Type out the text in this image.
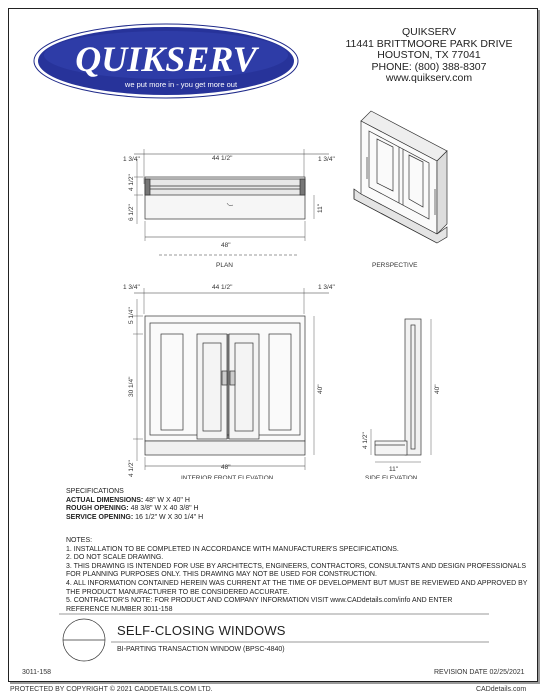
QUIKSERV
we put more in - you get more out
QUIKSERV
11441 BRITTMOORE PARK DRIVE
HOUSTON, TX 77041
PHONE: (800) 388-8307
www.quikserv.com
1 3/4"	44 1/2"	1 3/4"
4 1/2"
6 1/2"	11"
48"
PLAN	PERSPECTIVE
1 3/4"	44 1/2"	1 3/4"
5 1/4"
30 1/4"
4 1/2"
40"
48"
INTERIOR FRONT ELEVATION
40"
4 1/2"
11"
SIDE ELEVATION
SPECIFICATIONS
ACTUAL DIMENSIONS: 48" W X 40" H
ROUGH OPENING: 48 3/8" W X 40 3/8" H
SERVICE OPENING: 16 1/2" W X 30 1/4" H
NOTES:
1. INSTALLATION TO BE COMPLETED IN ACCORDANCE WITH MANUFACTURER'S SPECIFICATIONS.
2. DO NOT SCALE DRAWING.
3. THIS DRAWING IS INTENDED FOR USE BY ARCHITECTS, ENGINEERS, CONTRACTORS, CONSULTANTS AND DESIGN PROFESSIONALS
FOR PLANNING PURPOSES ONLY. THIS DRAWING MAY NOT BE USED FOR CONSTRUCTION.
4. ALL INFORMATION CONTAINED HEREIN WAS CURRENT AT THE TIME OF DEVELOPMENT BUT MUST BE REVIEWED AND APPROVED BY
THE PRODUCT MANUFACTURER TO BE CONSIDERED ACCURATE.
5. CONTRACTOR'S NOTE: FOR PRODUCT AND COMPANY INFORMATION VISIT www.CADdetails.com/info AND ENTER
REFERENCE NUMBER 3011-158
SELF-CLOSING WINDOWS
BI-PARTING TRANSACTION WINDOW (BPSC-4840)
3011-158	REVISION DATE 02/25/2021
PROTECTED BY COPYRIGHT © 2021 CADDETAILS.COM LTD.	CADdetails.com
